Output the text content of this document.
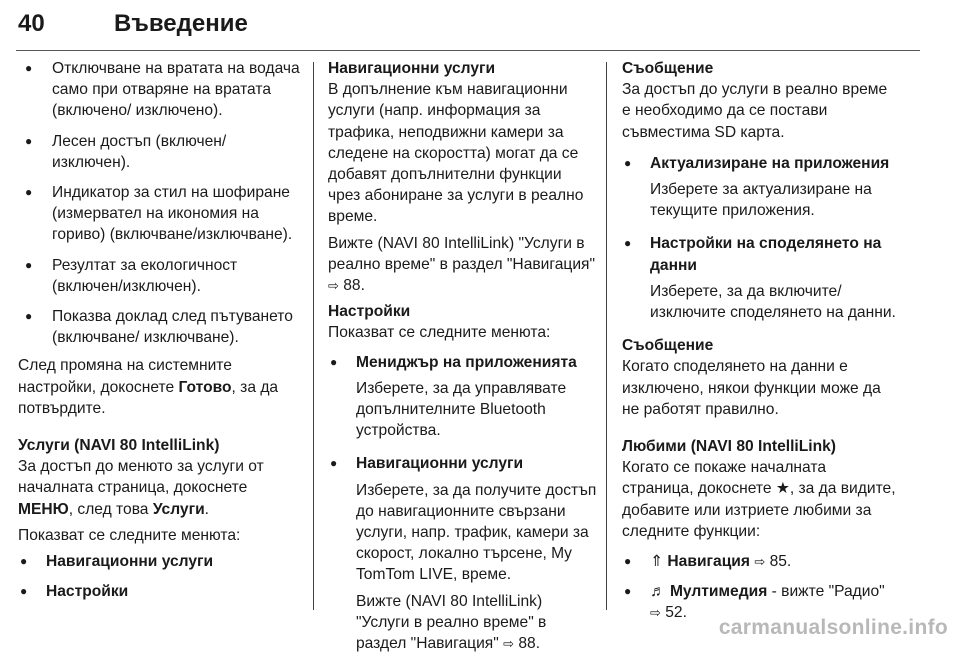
40	Въведение
● Отключване на вратата на водача само при отваряне на вратата (включено/ изключено).
● Лесен достъп (включен/ изключен).
● Индикатор за стил на шофиране (измервател на икономия на гориво) (включване/изключване).
● Резултат за екологичност (включен/изключен).
● Показва доклад след пътуването (включване/ изключване).

След промяна на системните настройки, докоснете Готово, за да потвърдите.

Услуги (NAVI 80 IntelliLink)

За достъп до менюто за услуги от началната страница, докоснете МЕНЮ, след това Услуги.

Показват се следните менюта:

● Навигационни услуги
● Настройки

Навигационни услуги

В допълнение към навигационни услуги (напр. информация за трафика, неподвижни камери за следене на скоростта) могат да се добавят допълнителни функции чрез абониране за услуги в реално време.

Вижте (NAVI 80 IntelliLink) "Услуги в реално време" в раздел "Навигация" ⇨ 88.

Настройки

Показват се следните менюта:

● Мениджър на приложенията
Изберете, за да управлявате допълнителните Bluetooth устройства.
● Навигационни услуги
Изберете, за да получите достъп до навигационните свързани услуги, напр. трафик, камери за скорост, локално търсене, My TomTom LIVE, време.
Вижте (NAVI 80 IntelliLink) "Услуги в реално време" в раздел "Навигация" ⇨ 88.

Съобщение

За достъп до услуги в реално време е необходимо да се постави съвместима SD карта.

● Актуализиране на приложения
Изберете за актуализиране на текущите приложения.
● Настройки на споделянето на данни
Изберете, за да включите/ изключите споделянето на данни.

Съобщение

Когато споделянето на данни е изключено, някои функции може да не работят правилно.

Любими (NAVI 80 IntelliLink)

Когато се покаже началната страница, докоснете ★, за да видите, добавите или изтриете любими за следните функции:

● ⇑ Навигация ⇨ 85.
● ♬ Мултимедия - вижте "Радио" ⇨ 52.
carmanualsonline.info
